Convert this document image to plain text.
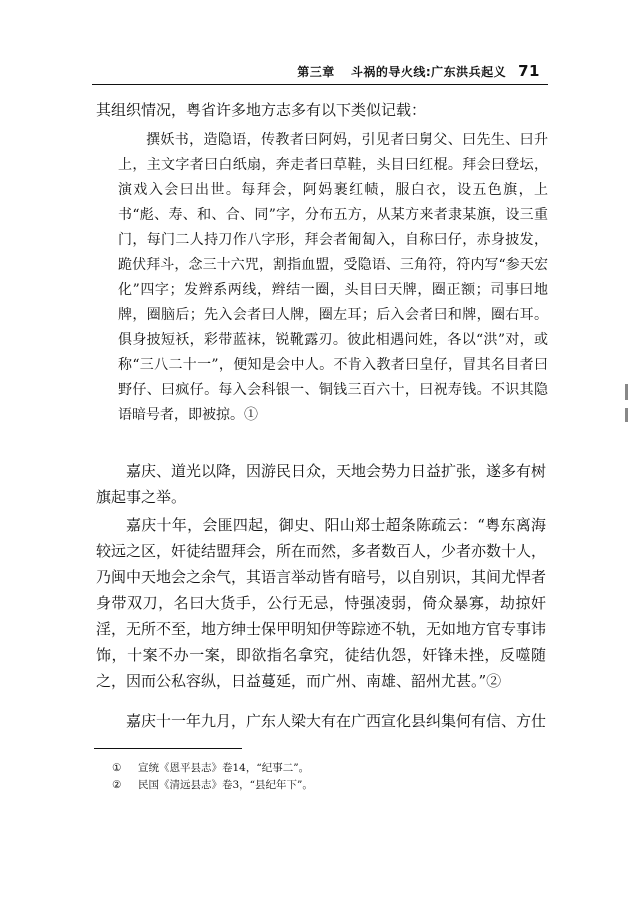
第三章 斗祸的导火线:广东洪兵起义 71

其组织情况，粤省许多地方志多有以下类似记载：

撰妖书，造隐语，传教者曰阿妈，引见者曰舅父、曰先生、曰升上，主文字者曰白纸扇，奔走者曰草鞋，头目曰红棍。拜会曰登坛，演戏入会曰出世。每拜会，阿妈裹红帻，服白衣，设五色旗，上书“彪、寿、和、合、同”字，分布五方，从某方来者隶某旗，设三重门，每门二人持刀作八字形，拜会者匍匐入，自称曰仔，赤身披发，跪伏拜斗，念三十六咒，割指血盟，受隐语、三角符，符内写“参天宏化”四字；发辫系两线，辫结一圈，头目曰天牌，圈正额；司事曰地牌，圈脑后；先入会者曰人牌，圈左耳；后入会者曰和牌，圈右耳。俱身披短袄，彩带蓝袜，锐靴露刃。彼此相遇问姓，各以“洪”对，或称“三八二十一”，便知是会中人。不肯入教者曰皇仔，冒其名目者曰野仔、曰疯仔。每入会科银一、铜钱三百六十，曰祝寿钱。不识其隐语暗号者，即被掠。①

嘉庆、道光以降，因游民日众，天地会势力日益扩张，遂多有树旗起事之举。

嘉庆十年，会匪四起，御史、阳山郑士超条陈疏云：“粤东离海较远之区，奸徒结盟拜会，所在而然，多者数百人，少者亦数十人，乃闽中天地会之余气，其语言举动皆有暗号，以自别识，其间尤悍者身带双刀，名曰大货手，公行无忌，恃强凌弱，倚众暴寡，劫掠奸淫，无所不至，地方绅士保甲明知伊等踪迹不轨，无如地方官专事讳饰，十案不办一案，即欲指名拿究，徒结仇怨，奸锋未挫，反噬随之，因而公私容纵，日益蔓延，而广州、南雄、韶州尤甚。”②

嘉庆十一年九月，广东人梁大有在广西宣化县纠集何有信、方仕

① 宣统《恩平县志》卷14，“纪事二”。
② 民国《清远县志》卷3，“县纪年下”。
